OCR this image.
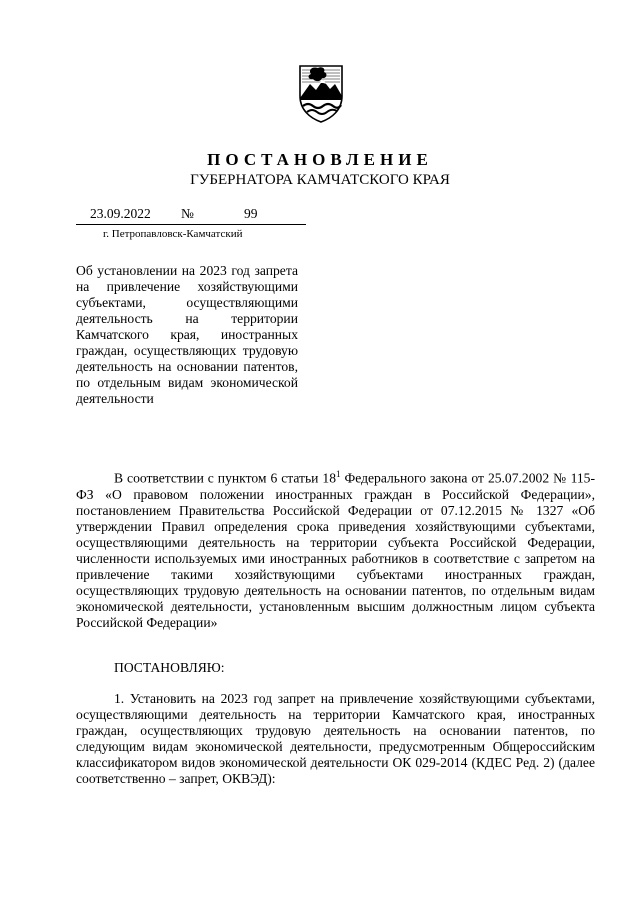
ПОСТАНОВЛЕНИЕ
ГУБЕРНАТОРА КАМЧАТСКОГО КРАЯ
23.09.2022 №	99
г. Петропавловск-Камчатский
Об установлении на 2023 год запрета на привлечение хозяйствующими субъектами, осуществляющими деятельность на территории Камчатского края, иностранных граждан, осуществляющих трудовую деятельность на основании патентов, по отдельным видам экономической деятельности
В соответствии с пунктом 6 статьи $18^1$ Федерального закона от 25.07.2002 № 115-ФЗ «О правовом положении иностранных граждан в Российской Федерации», постановлением Правительства Российской Федерации от 07.12.2015 № 1327 «Об утверждении Правил определения срока приведения хозяйствующими субъектами, осуществляющими деятельность на территории субъекта Российской Федерации, численности используемых ими иностранных работников в соответствие с запретом на привлечение такими хозяйствующими субъектами иностранных граждан, осуществляющих трудовую деятельность на основании патентов, по отдельным видам экономической деятельности, установленным высшим должностным лицом субъекта Российской Федерации»
ПОСТАНОВЛЯЮ:
1. Установить на 2023 год запрет на привлечение хозяйствующими субъектами, осуществляющими деятельность на территории Камчатского края, иностранных граждан, осуществляющих трудовую деятельность на основании патентов, по следующим видам экономической деятельности, предусмотренным Общероссийским классификатором видов экономической деятельности ОК 029-2014 (КДЕС Ред. 2) (далее соответственно – запрет, ОКВЭД):
